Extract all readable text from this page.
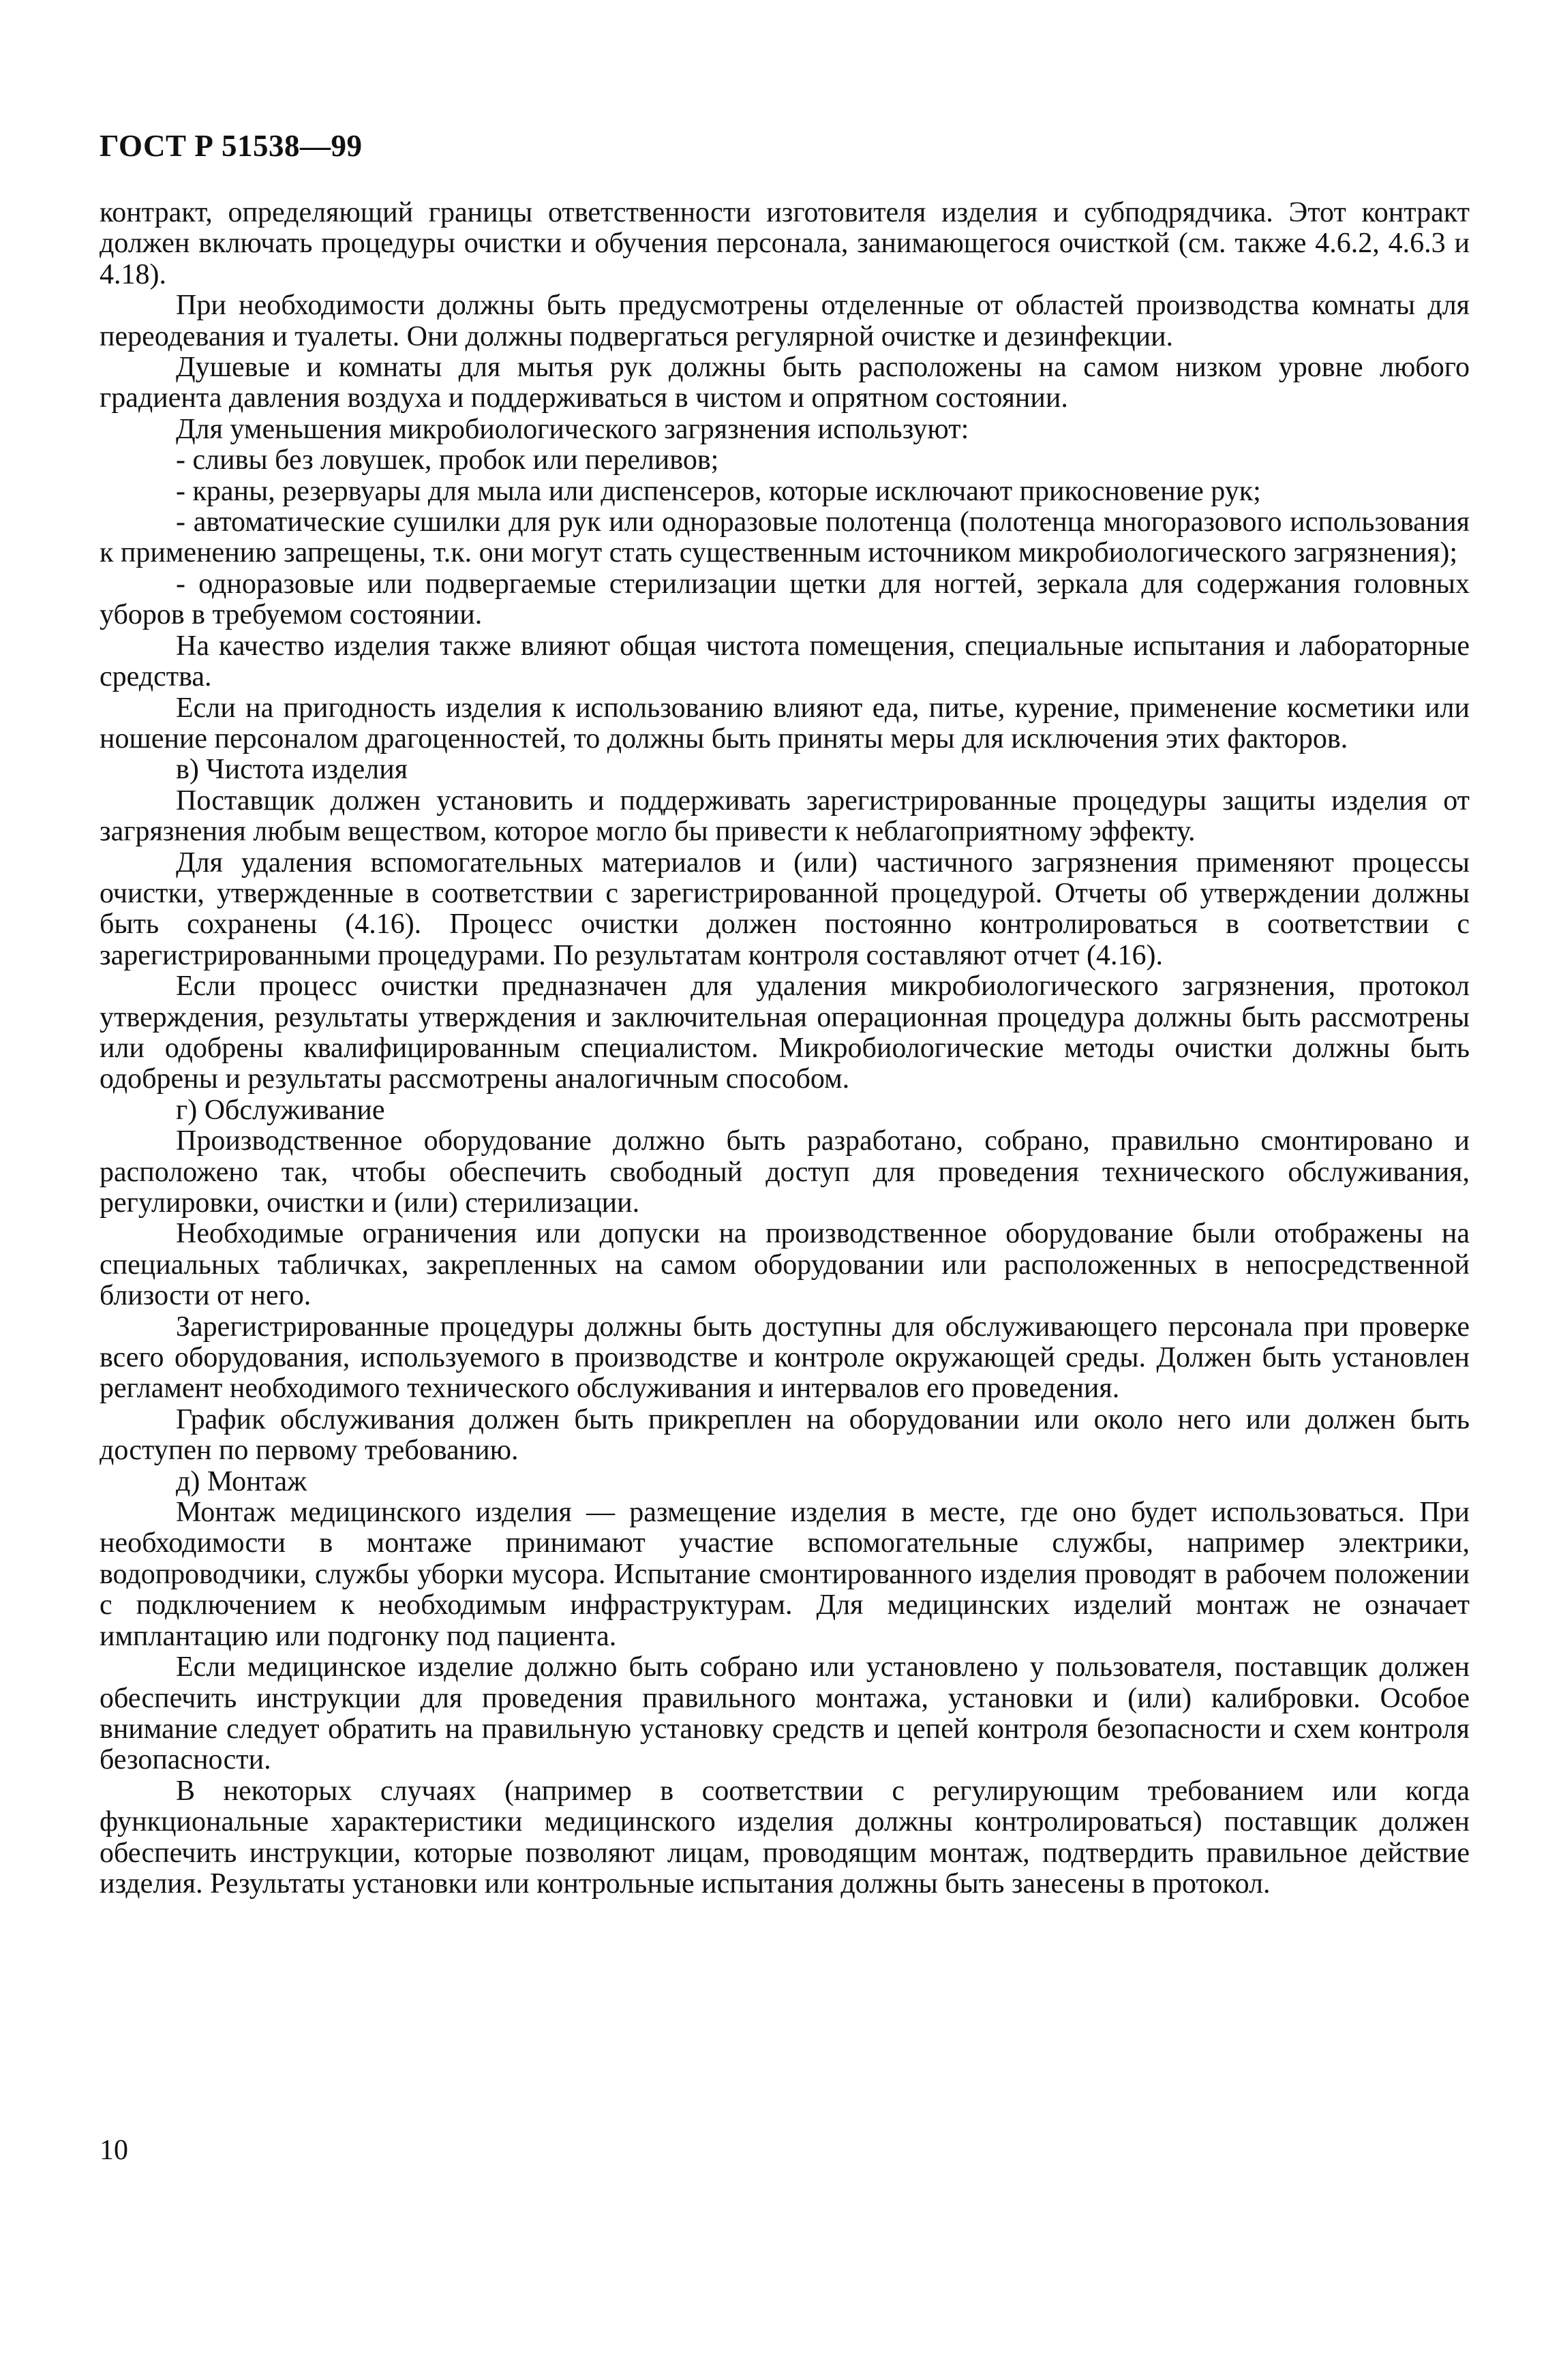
ГОСТ Р 51538—99

контракт, определяющий границы ответственности изготовителя изделия и субподрядчика. Этот контракт должен включать процедуры очистки и обучения персонала, занимающегося очисткой (см. также 4.6.2, 4.6.3 и 4.18).

При необходимости должны быть предусмотрены отделенные от областей производства комнаты для переодевания и туалеты. Они должны подвергаться регулярной очистке и дезинфекции.

Душевые и комнаты для мытья рук должны быть расположены на самом низком уровне любого градиента давления воздуха и поддерживаться в чистом и опрятном состоянии.

Для уменьшения микробиологического загрязнения используют:

- сливы без ловушек, пробок или переливов;

- краны, резервуары для мыла или диспенсеров, которые исключают прикосновение рук;

- автоматические сушилки для рук или одноразовые полотенца (полотенца многоразового использования к применению запрещены, т.к. они могут стать существенным источником микробиологического загрязнения);

- одноразовые или подвергаемые стерилизации щетки для ногтей, зеркала для содержания головных уборов в требуемом состоянии.

На качество изделия также влияют общая чистота помещения, специальные испытания и лабораторные средства.

Если на пригодность изделия к использованию влияют еда, питье, курение, применение косметики или ношение персоналом драгоценностей, то должны быть приняты меры для исключения этих факторов.

в) Чистота изделия

Поставщик должен установить и поддерживать зарегистрированные процедуры защиты изделия от загрязнения любым веществом, которое могло бы привести к неблагоприятному эффекту.

Для удаления вспомогательных материалов и (или) частичного загрязнения применяют процессы очистки, утвержденные в соответствии с зарегистрированной процедурой. Отчеты об утверждении должны быть сохранены (4.16). Процесс очистки должен постоянно контролироваться в соответствии с зарегистрированными процедурами. По результатам контроля составляют отчет (4.16).

Если процесс очистки предназначен для удаления микробиологического загрязнения, протокол утверждения, результаты утверждения и заключительная операционная процедура должны быть рассмотрены или одобрены квалифицированным специалистом. Микробиологические методы очистки должны быть одобрены и результаты рассмотрены аналогичным способом.

г) Обслуживание

Производственное оборудование должно быть разработано, собрано, правильно смонтировано и расположено так, чтобы обеспечить свободный доступ для проведения технического обслуживания, регулировки, очистки и (или) стерилизации.

Необходимые ограничения или допуски на производственное оборудование были отображены на специальных табличках, закрепленных на самом оборудовании или расположенных в непосредственной близости от него.

Зарегистрированные процедуры должны быть доступны для обслуживающего персонала при проверке всего оборудования, используемого в производстве и контроле окружающей среды. Должен быть установлен регламент необходимого технического обслуживания и интервалов его проведения.

График обслуживания должен быть прикреплен на оборудовании или около него или должен быть доступен по первому требованию.

д) Монтаж

Монтаж медицинского изделия — размещение изделия в месте, где оно будет использоваться. При необходимости в монтаже принимают участие вспомогательные службы, например электрики, водопроводчики, службы уборки мусора. Испытание смонтированного изделия проводят в рабочем положении с подключением к необходимым инфраструктурам. Для медицинских изделий монтаж не означает имплантацию или подгонку под пациента.

Если медицинское изделие должно быть собрано или установлено у пользователя, поставщик должен обеспечить инструкции для проведения правильного монтажа, установки и (или) калибровки. Особое внимание следует обратить на правильную установку средств и цепей контроля безопасности и схем контроля безопасности.

В некоторых случаях (например в соответствии с регулирующим требованием или когда функциональные характеристики медицинского изделия должны контролироваться) поставщик должен обеспечить инструкции, которые позволяют лицам, проводящим монтаж, подтвердить правильное действие изделия. Результаты установки или контрольные испытания должны быть занесены в протокол.

10
